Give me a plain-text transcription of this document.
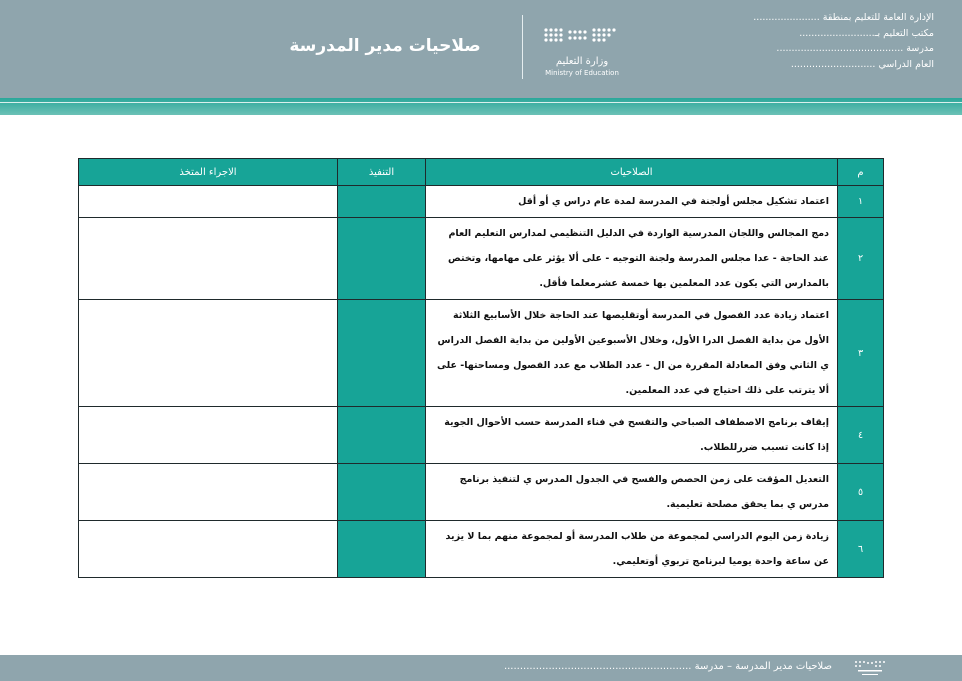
الإدارة العامة للتعليم بمنطقة ......................
مكتب التعليم بـ.........................
مدرسة ..........................................
العام الدراسي ............................
وزارة التعليم
Ministry of Education
صلاحيات مدير المدرسة
م	الصلاحيات	التنفيذ	الاجراء المتخذ
١	اعتماد تشكيل مجلس أولجنة في المدرسة لمدة عام دراس ي أو أقل		
٢	دمج المجالس واللجان المدرسية الواردة في الدليل التنظيمي لمدارس التعليم العام عند الحاجة - عدا مجلس المدرسة ولجنة التوجيه - على ألا يؤثر على مهامها، وتختص بالمدارس التي يكون عدد المعلمين بها خمسة عشرمعلما فأقل.		
٣	اعتماد زيادة عدد الفصول في المدرسة أوتقليصها عند الحاجة خلال الأسابيع الثلاثة الأول من بداية الفصل الدرا الأول، وخلال الأسبوعين الأولين من بداية الفصل الدراس ي الثاني وفق المعادلة المقررة من ال - عدد الطلاب مع عدد الفصول ومساحتها- على ألا يترتب على ذلك احتياج في عدد المعلمين.		
٤	إيقاف برنامج الاصطفاف الصباحي والتفسح في فناء المدرسة حسب الأحوال الجوية إذا كانت تسبب ضررللطلاب.		
٥	التعديل المؤقت على زمن الحصص والفسح في الجدول المدرس ي لتنفيذ برنامج مدرس ي بما يحقق مصلحة تعليمية.		
٦	زيادة زمن اليوم الدراسي لمجموعة من طلاب المدرسة أو لمجموعة منهم بما لا يزيد عن ساعة واحدة يوميا لبرنامج تربوي أوتعليمي.		
صلاحيات مدير المدرسة – مدرسة ...........................................................
